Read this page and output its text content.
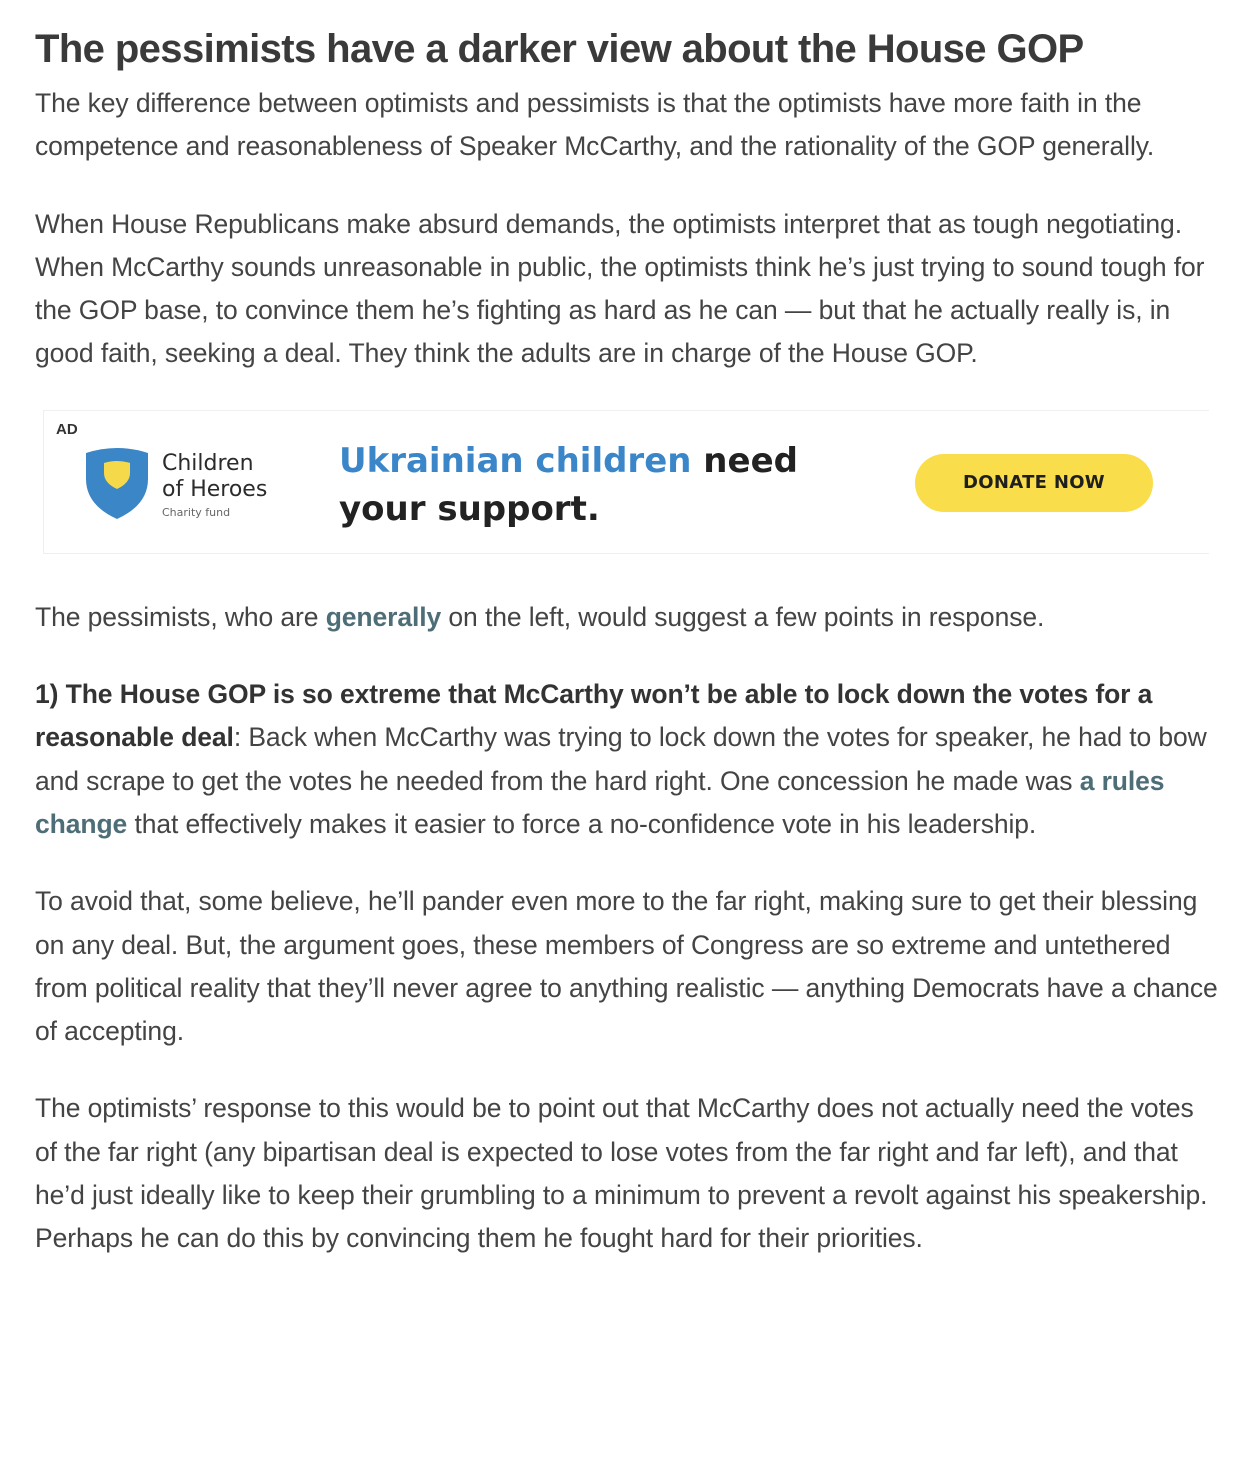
The pessimists have a darker view about the House GOP

The key difference between optimists and pessimists is that the optimists have more faith in the competence and reasonableness of Speaker McCarthy, and the rationality of the GOP generally.

When House Republicans make absurd demands, the optimists interpret that as tough negotiating. When McCarthy sounds unreasonable in public, the optimists think he’s just trying to sound tough for the GOP base, to convince them he’s fighting as hard as he can — but that he actually really is, in good faith, seeking a deal. They think the adults are in charge of the House GOP.

AD
Children
of Heroes
Charity fund
Ukrainian children need
your support.
DONATE NOW

The pessimists, who are generally on the left, would suggest a few points in response.

1) The House GOP is so extreme that McCarthy won’t be able to lock down the votes for a reasonable deal: Back when McCarthy was trying to lock down the votes for speaker, he had to bow and scrape to get the votes he needed from the hard right. One concession he made was a rules change that effectively makes it easier to force a no-confidence vote in his leadership.

To avoid that, some believe, he’ll pander even more to the far right, making sure to get their blessing on any deal. But, the argument goes, these members of Congress are so extreme and untethered from political reality that they’ll never agree to anything realistic — anything Democrats have a chance of accepting.

The optimists’ response to this would be to point out that McCarthy does not actually need the votes of the far right (any bipartisan deal is expected to lose votes from the far right and far left), and that he’d just ideally like to keep their grumbling to a minimum to prevent a revolt against his speakership. Perhaps he can do this by convincing them he fought hard for their priorities.
